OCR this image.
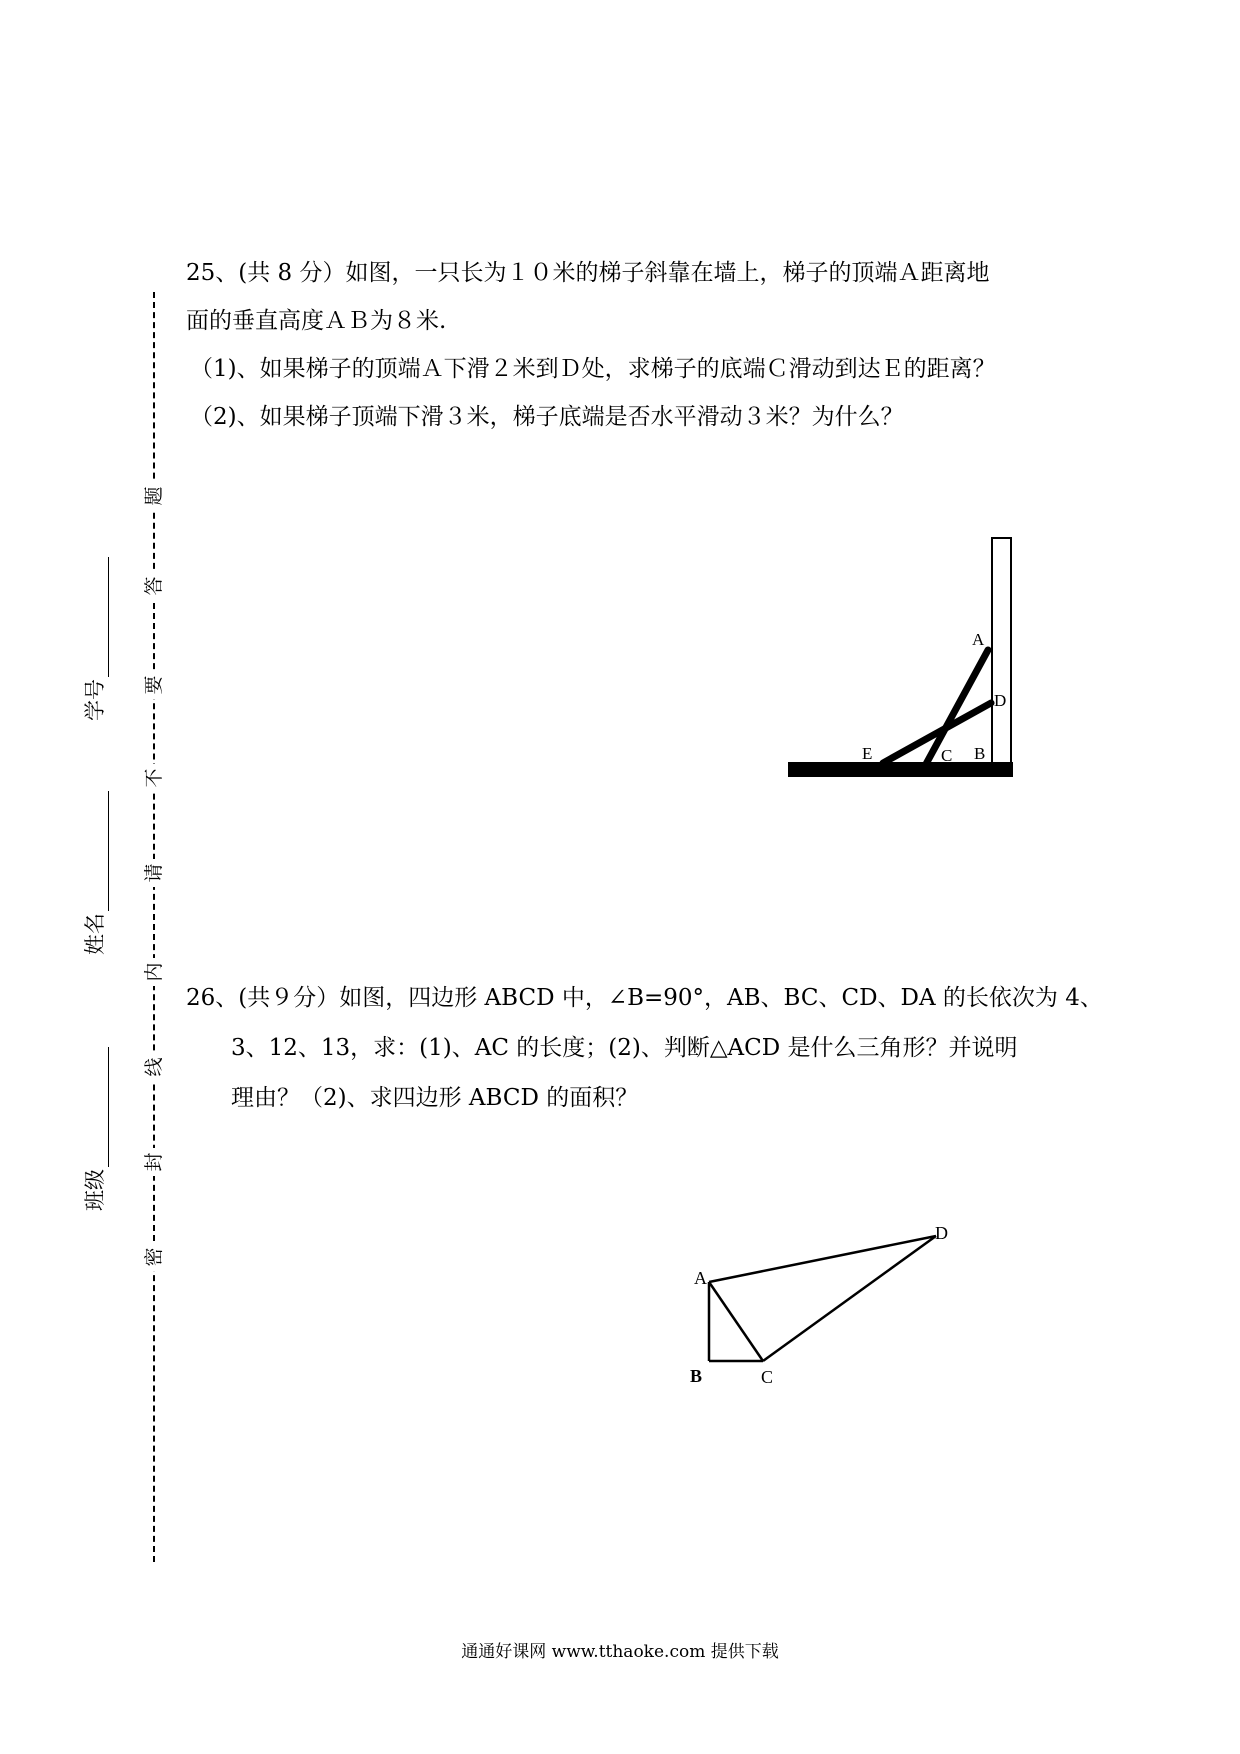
题
答
要
不
请
内
线
封
密
学号
姓名
班级
25、(共 8 分）如图，一只长为１０米的梯子斜靠在墙上，梯子的顶端Ａ距离地
面的垂直高度ＡＢ为８米.
（1)、如果梯子的顶端Ａ下滑２米到Ｄ处，求梯子的底端Ｃ滑动到达Ｅ的距离？
（2)、如果梯子顶端下滑３米，梯子底端是否水平滑动３米？为什么？
A
D
E	C B
26、(共９分）如图，四边形 ABCD 中，∠B=90°，AB、BC、CD、DA 的长依次为 4、
3、12、13，求：(1)、AC 的长度；(2)、判断△ACD 是什么三角形？并说明
理由？（2)、求四边形 ABCD 的面积？
A
B	C
D
通通好课网 www.tthaoke.com 提供下载
